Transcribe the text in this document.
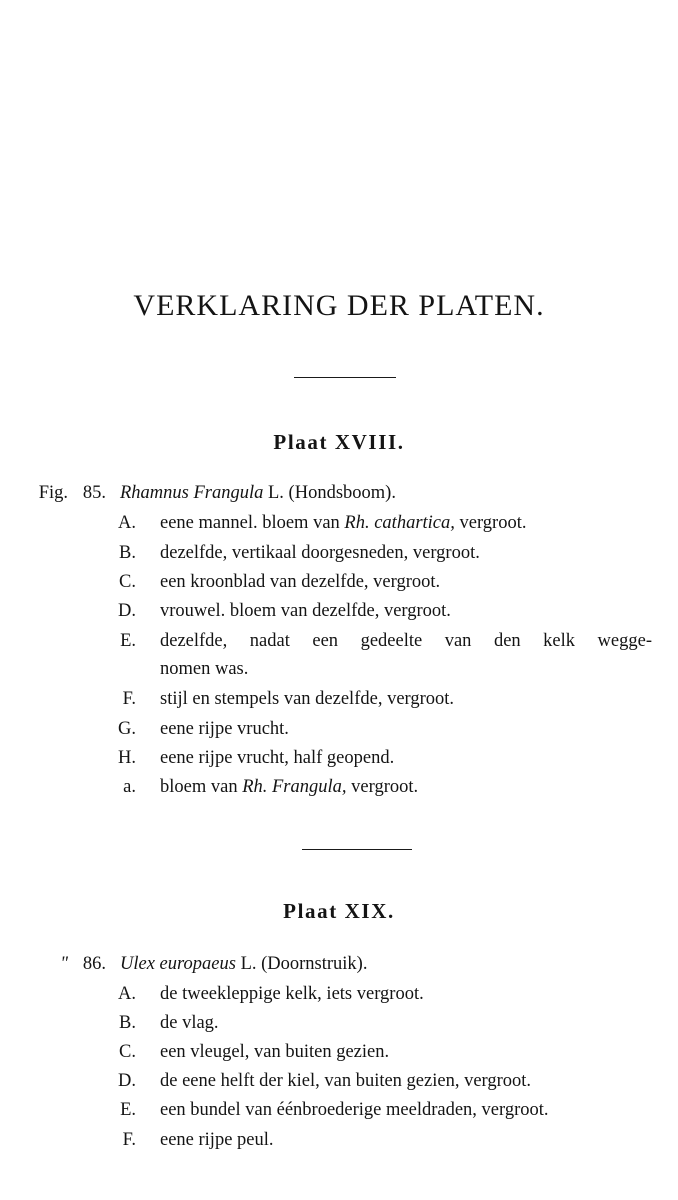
VERKLARING DER PLATEN.
Plaat XVIII.
Fig. 85. Rhamnus Frangula L. (Hondsboom).
A. eene mannel. bloem van Rh. cathartica, vergroot.
B. dezelfde, vertikaal doorgesneden, vergroot.
C. een kroonblad van dezelfde, vergroot.
D. vrouwel. bloem van dezelfde, vergroot.
E. dezelfde, nadat een gedeelte van den kelk wegge-
nomen was.
F. stijl en stempels van dezelfde, vergroot.
G. eene rijpe vrucht.
H. eene rijpe vrucht, half geopend.
a. bloem van Rh. Frangula, vergroot.
Plaat XIX.
" 86. Ulex europaeus L. (Doornstruik).
A. de tweekleppige kelk, iets vergroot.
B. de vlag.
C. een vleugel, van buiten gezien.
D. de eene helft der kiel, van buiten gezien, vergroot.
E. een bundel van éénbroederige meeldraden, vergroot.
F. eene rijpe peul.
